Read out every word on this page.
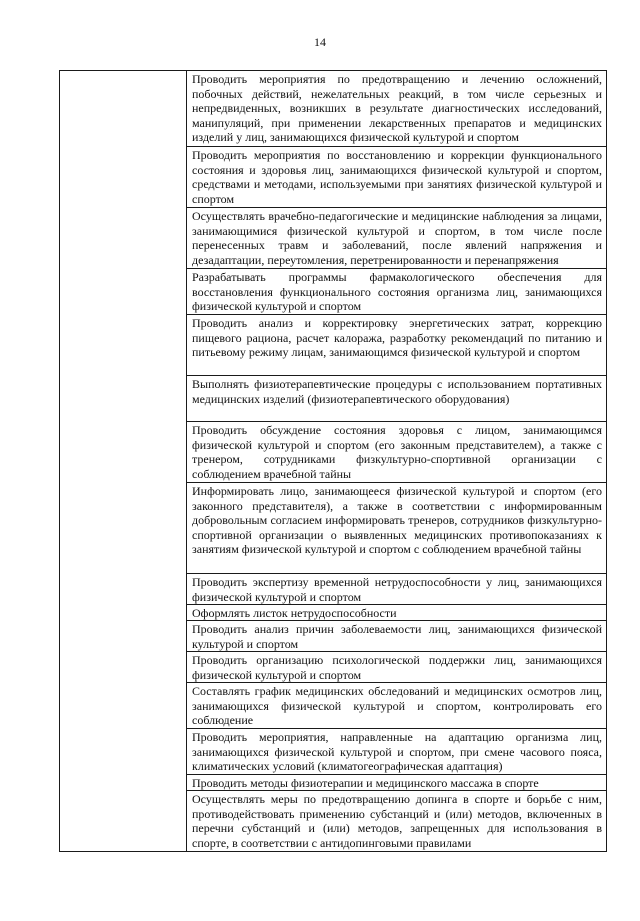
14

Проводить мероприятия по предотвращению и лечению осложнений, побочных действий, нежелательных реакций, в том числе серьезных и непредвиденных, возникших в результате диагностических исследований, манипуляций, при применении лекарственных препаратов и медицинских изделий у лиц, занимающихся физической культурой и спортом

Проводить мероприятия по восстановлению и коррекции функционального состояния и здоровья лиц, занимающихся физической культурой и спортом, средствами и методами, используемыми при занятиях физической культурой и спортом

Осуществлять врачебно-педагогические и медицинские наблюдения за лицами, занимающимися физической культурой и спортом, в том числе после перенесенных травм и заболеваний, после явлений напряжения и дезадаптации, переутомления, перетренированности и перенапряжения

Разрабатывать программы фармакологического обеспечения для восстановления функционального состояния организма лиц, занимающихся физической культурой и спортом

Проводить анализ и корректировку энергетических затрат, коррекцию пищевого рациона, расчет калоража, разработку рекомендаций по питанию и питьевому режиму лицам, занимающимся физической культурой и спортом

Выполнять физиотерапевтические процедуры с использованием портативных медицинских изделий (физиотерапевтического оборудования)

Проводить обсуждение состояния здоровья с лицом, занимающимся физической культурой и спортом (его законным представителем), а также с тренером, сотрудниками физкультурно-спортивной организации с соблюдением врачебной тайны

Информировать лицо, занимающееся физической культурой и спортом (его законного представителя), а также в соответствии с информированным добровольным согласием информировать тренеров, сотрудников физкультурно-спортивной организации о выявленных медицинских противопоказаниях к занятиям физической культурой и спортом с соблюдением врачебной тайны

Проводить экспертизу временной нетрудоспособности у лиц, занимающихся физической культурой и спортом

Оформлять листок нетрудоспособности

Проводить анализ причин заболеваемости лиц, занимающихся физической культурой и спортом

Проводить организацию психологической поддержки лиц, занимающихся физической культурой и спортом

Составлять график медицинских обследований и медицинских осмотров лиц, занимающихся физической культурой и спортом, контролировать его соблюдение

Проводить мероприятия, направленные на адаптацию организма лиц, занимающихся физической культурой и спортом, при смене часового пояса, климатических условий (климатогеографическая адаптация)

Проводить методы физиотерапии и медицинского массажа в спорте

Осуществлять меры по предотвращению допинга в спорте и борьбе с ним, противодействовать применению субстанций и (или) методов, включенных в перечни субстанций и (или) методов, запрещенных для использования в спорте, в соответствии с антидопинговыми правилами
